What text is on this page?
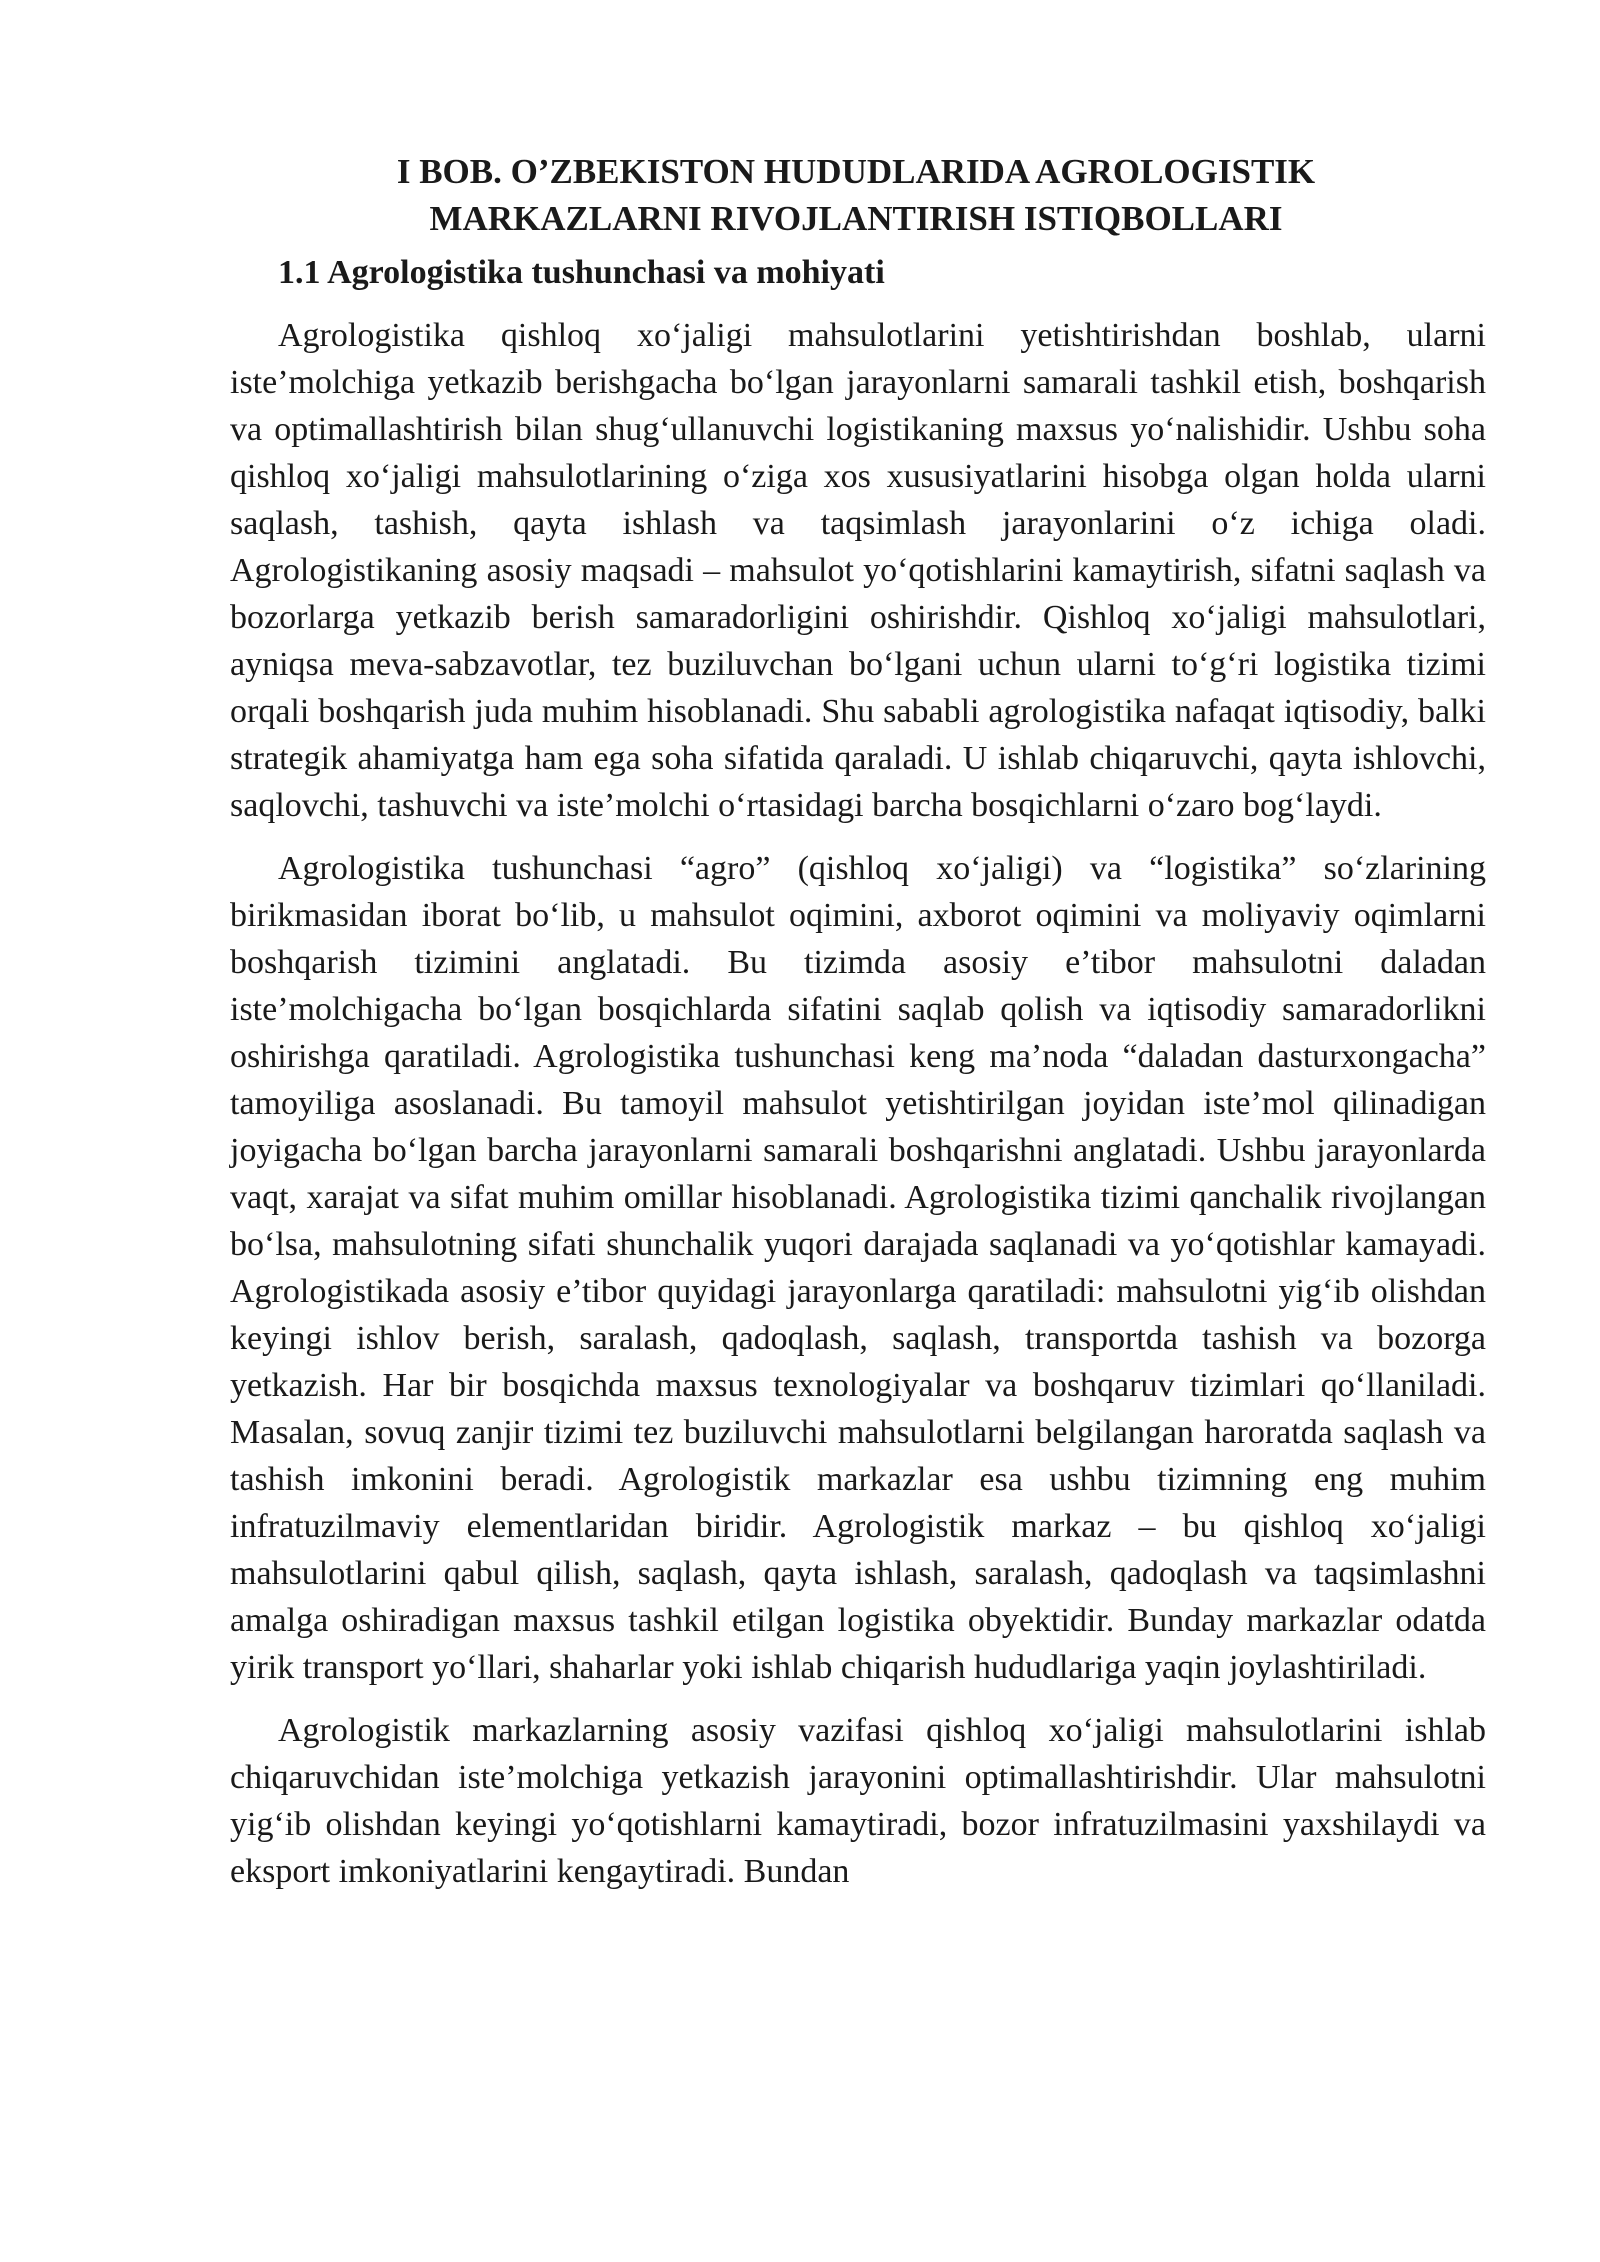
I BOB. O’ZBEKISTON HUDUDLARIDA AGROLOGISTIK MARKAZLARNI RIVOJLANTIRISH ISTIQBOLLARI
1.1 Agrologistika tushunchasi va mohiyati

Agrologistika qishloq xo‘jaligi mahsulotlarini yetishtirishdan boshlab, ularni iste’molchiga yetkazib berishgacha bo‘lgan jarayonlarni samarali tashkil etish, boshqarish va optimallashtirish bilan shug‘ullanuvchi logistikaning maxsus yo‘nalishidir. Ushbu soha qishloq xo‘jaligi mahsulotlarining o‘ziga xos xususiyatlarini hisobga olgan holda ularni saqlash, tashish, qayta ishlash va taqsimlash jarayonlarini o‘z ichiga oladi. Agrologistikaning asosiy maqsadi – mahsulot yo‘qotishlarini kamaytirish, sifatni saqlash va bozorlarga yetkazib berish samaradorligini oshirishdir. Qishloq xo‘jaligi mahsulotlari, ayniqsa meva-sabzavotlar, tez buziluvchan bo‘lgani uchun ularni to‘g‘ri logistika tizimi orqali boshqarish juda muhim hisoblanadi. Shu sababli agrologistika nafaqat iqtisodiy, balki strategik ahamiyatga ham ega soha sifatida qaraladi. U ishlab chiqaruvchi, qayta ishlovchi, saqlovchi, tashuvchi va iste’molchi o‘rtasidagi barcha bosqichlarni o‘zaro bog‘laydi.

Agrologistika tushunchasi “agro” (qishloq xo‘jaligi) va “logistika” so‘zlarining birikmasidan iborat bo‘lib, u mahsulot oqimini, axborot oqimini va moliyaviy oqimlarni boshqarish tizimini anglatadi. Bu tizimda asosiy e’tibor mahsulotni daladan iste’molchigacha bo‘lgan bosqichlarda sifatini saqlab qolish va iqtisodiy samaradorlikni oshirishga qaratiladi. Agrologistika tushunchasi keng ma’noda “daladan dasturxongacha” tamoyiliga asoslanadi. Bu tamoyil mahsulot yetishtirilgan joyidan iste’mol qilinadigan joyigacha bo‘lgan barcha jarayonlarni samarali boshqarishni anglatadi. Ushbu jarayonlarda vaqt, xarajat va sifat muhim omillar hisoblanadi. Agrologistika tizimi qanchalik rivojlangan bo‘lsa, mahsulotning sifati shunchalik yuqori darajada saqlanadi va yo‘qotishlar kamayadi. Agrologistikada asosiy e’tibor quyidagi jarayonlarga qaratiladi: mahsulotni yig‘ib olishdan keyingi ishlov berish, saralash, qadoqlash, saqlash, transportda tashish va bozorga yetkazish. Har bir bosqichda maxsus texnologiyalar va boshqaruv tizimlari qo‘llaniladi. Masalan, sovuq zanjir tizimi tez buziluvchi mahsulotlarni belgilangan haroratda saqlash va tashish imkonini beradi. Agrologistik markazlar esa ushbu tizimning eng muhim infratuzilmaviy elementlaridan biridir. Agrologistik markaz – bu qishloq xo‘jaligi mahsulotlarini qabul qilish, saqlash, qayta ishlash, saralash, qadoqlash va taqsimlashni amalga oshiradigan maxsus tashkil etilgan logistika obyektidir. Bunday markazlar odatda yirik transport yo‘llari, shaharlar yoki ishlab chiqarish hududlariga yaqin joylashtiriladi.

Agrologistik markazlarning asosiy vazifasi qishloq xo‘jaligi mahsulotlarini ishlab chiqaruvchidan iste’molchiga yetkazish jarayonini optimallashtirishdir. Ular mahsulotni yig‘ib olishdan keyingi yo‘qotishlarni kamaytiradi, bozor infratuzilmasini yaxshilaydi va eksport imkoniyatlarini kengaytiradi. Bundan
